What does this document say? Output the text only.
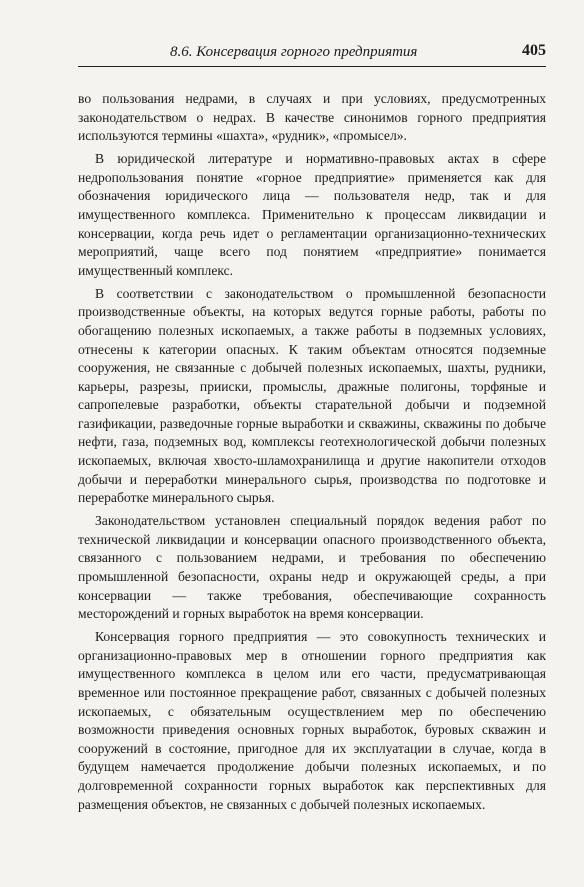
8.6. Консервация горного предприятия	405

во пользования недрами, в случаях и при условиях, предусмотренных законодательством о недрах. В качестве синонимов горного предприятия используются термины «шахта», «рудник», «промысел».

В юридической литературе и нормативно-правовых актах в сфере недропользования понятие «горное предприятие» применяется как для обозначения юридического лица — пользователя недр, так и для имущественного комплекса. Применительно к процессам ликвидации и консервации, когда речь идет о регламентации организационно-технических мероприятий, чаще всего под понятием «предприятие» понимается имущественный комплекс.

В соответствии с законодательством о промышленной безопасности производственные объекты, на которых ведутся горные работы, работы по обогащению полезных ископаемых, а также работы в подземных условиях, отнесены к категории опасных. К таким объектам относятся подземные сооружения, не связанные с добычей полезных ископаемых, шахты, рудники, карьеры, разрезы, прииски, промыслы, дражные полигоны, торфяные и сапропелевые разработки, объекты старательной добычи и подземной газификации, разведочные горные выработки и скважины, скважины по добыче нефти, газа, подземных вод, комплексы геотехнологической добычи полезных ископаемых, включая хвосто-шламохранилища и другие накопители отходов добычи и переработки минерального сырья, производства по подготовке и переработке минерального сырья.

Законодательством установлен специальный порядок ведения работ по технической ликвидации и консервации опасного производственного объекта, связанного с пользованием недрами, и требования по обеспечению промышленной безопасности, охраны недр и окружающей среды, а при консервации — также требования, обеспечивающие сохранность месторождений и горных выработок на время консервации.

Консервация горного предприятия — это совокупность технических и организационно-правовых мер в отношении горного предприятия как имущественного комплекса в целом или его части, предусматривающая временное или постоянное прекращение работ, связанных с добычей полезных ископаемых, с обязательным осуществлением мер по обеспечению возможности приведения основных горных выработок, буровых скважин и сооружений в состояние, пригодное для их эксплуатации в случае, когда в будущем намечается продолжение добычи полезных ископаемых, и по долговременной сохранности горных выработок как перспективных для размещения объектов, не связанных с добычей полезных ископаемых.
